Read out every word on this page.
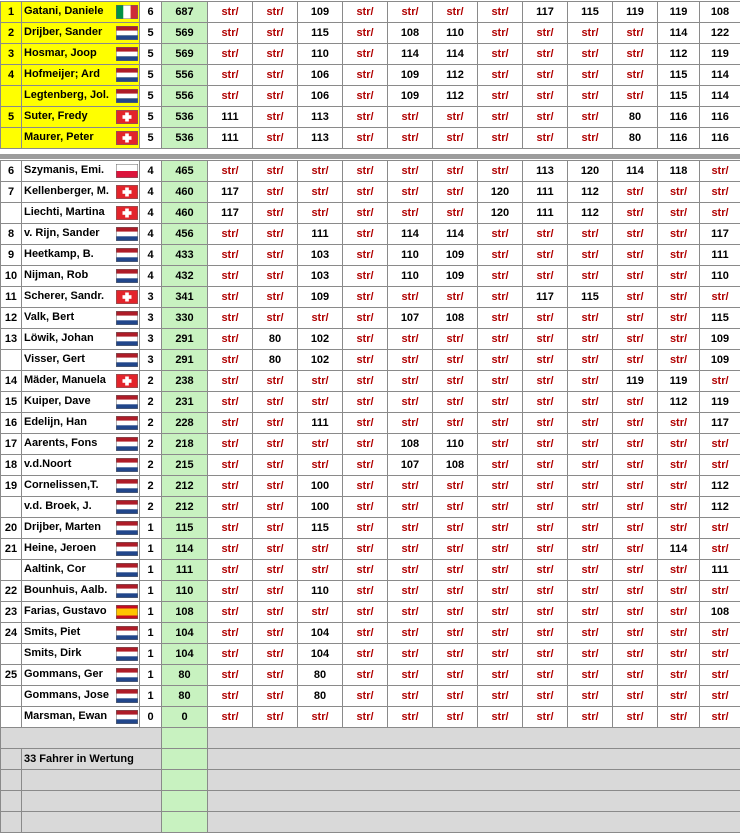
1	Gatani, Daniele	6	687	str/	str/	109	str/	str/	str/	str/	117	115	119	119	108
2	Drijber, Sander	5	569	str/	str/	115	str/	108	110	str/	str/	str/	str/	114	122
3	Hosmar, Joop	5	569	str/	str/	110	str/	114	114	str/	str/	str/	str/	112	119
4	Hofmeijer; Ard	5	556	str/	str/	106	str/	109	112	str/	str/	str/	str/	115	114

	Legtenberg, Jol.	5	556	str/	str/	106	str/	109	112	str/	str/	str/	str/	115	114
5	Suter, Fredy	5	536	111	str/	113	str/	str/	str/	str/	str/	str/	80	116	116

	Maurer, Peter	5	536	111	str/	113	str/	str/	str/	str/	str/	str/	80	116	116
6	Szymanis, Emi.	4	465	str/	str/	str/	str/	str/	str/	str/	113	120	114	118	str/
7	Kellenberger, M.	4	460	117	str/	str/	str/	str/	str/	120	111	112	str/	str/	str/

	Liechti, Martina	4	460	117	str/	str/	str/	str/	str/	120	111	112	str/	str/	str/
8	v. Rijn, Sander	4	456	str/	str/	111	str/	114	114	str/	str/	str/	str/	str/	117
9	Heetkamp, B.	4	433	str/	str/	103	str/	110	109	str/	str/	str/	str/	str/	111
10	Nijman, Rob	4	432	str/	str/	103	str/	110	109	str/	str/	str/	str/	str/	110
11	Scherer, Sandr.	3	341	str/	str/	109	str/	str/	str/	str/	117	115	str/	str/	str/
12	Valk, Bert	3	330	str/	str/	str/	str/	107	108	str/	str/	str/	str/	str/	115
13	Löwik, Johan	3	291	str/	80	102	str/	str/	str/	str/	str/	str/	str/	str/	109

	Visser, Gert	3	291	str/	80	102	str/	str/	str/	str/	str/	str/	str/	str/	109
14	Mäder, Manuela	2	238	str/	str/	str/	str/	str/	str/	str/	str/	str/	119	119	str/
15	Kuiper, Dave	2	231	str/	str/	str/	str/	str/	str/	str/	str/	str/	str/	112	119
16	Edelijn, Han	2	228	str/	str/	111	str/	str/	str/	str/	str/	str/	str/	str/	117
17	Aarents, Fons	2	218	str/	str/	str/	str/	108	110	str/	str/	str/	str/	str/	str/
18	v.d.Noort	2	215	str/	str/	str/	str/	107	108	str/	str/	str/	str/	str/	str/
19	Cornelissen,T.	2	212	str/	str/	100	str/	str/	str/	str/	str/	str/	str/	str/	112

	v.d. Broek, J.	2	212	str/	str/	100	str/	str/	str/	str/	str/	str/	str/	str/	112
20	Drijber, Marten	1	115	str/	str/	115	str/	str/	str/	str/	str/	str/	str/	str/	str/
21	Heine, Jeroen	1	114	str/	str/	str/	str/	str/	str/	str/	str/	str/	str/	114	str/

	Aaltink, Cor	1	111	str/	str/	str/	str/	str/	str/	str/	str/	str/	str/	str/	111
22	Bounhuis, Aalb.	1	110	str/	str/	110	str/	str/	str/	str/	str/	str/	str/	str/	str/
23	Farias, Gustavo	1	108	str/	str/	str/	str/	str/	str/	str/	str/	str/	str/	str/	108
24	Smits, Piet	1	104	str/	str/	104	str/	str/	str/	str/	str/	str/	str/	str/	str/

	Smits, Dirk	1	104	str/	str/	104	str/	str/	str/	str/	str/	str/	str/	str/	str/
25	Gommans, Ger	1	80	str/	str/	80	str/	str/	str/	str/	str/	str/	str/	str/	str/

	Gommans, Jose	1	80	str/	str/	80	str/	str/	str/	str/	str/	str/	str/	str/	str/

	Marsman, Ewan	0	0	str/	str/	str/	str/	str/	str/	str/	str/	str/	str/	str/	str/

	33 Fahrer in Wertung														
